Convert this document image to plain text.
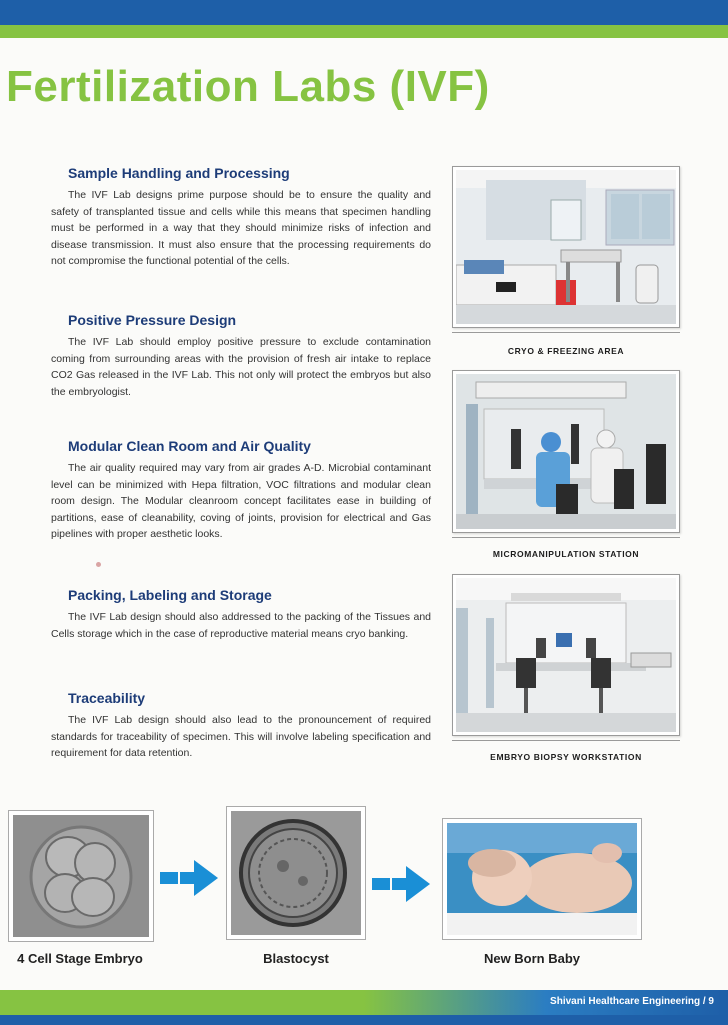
Fertilization Labs (IVF)
Sample Handling and Processing

The IVF Lab designs prime purpose should be to ensure the quality and safety of transplanted tissue and cells while this means that specimen handling must be performed in a way that they should minimize risks of infection and disease transmission. It must also ensure that the processing requirements do not compromise the functional potential of the cells.

Positive Pressure Design

The IVF Lab should employ positive pressure to exclude contamination coming from surrounding areas with the provision of fresh air intake to replace CO2 Gas released in the IVF Lab. This not only will protect the embryos but also the embryologist.

Modular Clean Room and Air Quality

The air quality required may vary from air grades A-D. Microbial contaminant level can be minimized with Hepa filtration, VOC filtrations and modular clean room design. The Modular cleanroom concept facilitates ease in building of partitions, ease of cleanability, coving of joints, provision for electrical and Gas pipelines with proper aesthetic looks.

Packing, Labeling and Storage

The IVF Lab design should also addressed to the packing of the Tissues and Cells storage which in the case of reproductive material means cryo banking.

Traceability

The IVF Lab design should also lead to the pronouncement of required standards for traceability of specimen. This will involve labeling specification and requirement for data retention.

CRYO & FREEZING AREA
MICROMANIPULATION STATION
EMBRYO BIOPSY WORKSTATION
4 Cell Stage Embryo	Blastocyst	New Born Baby
Shivani Healthcare Engineering / 9
